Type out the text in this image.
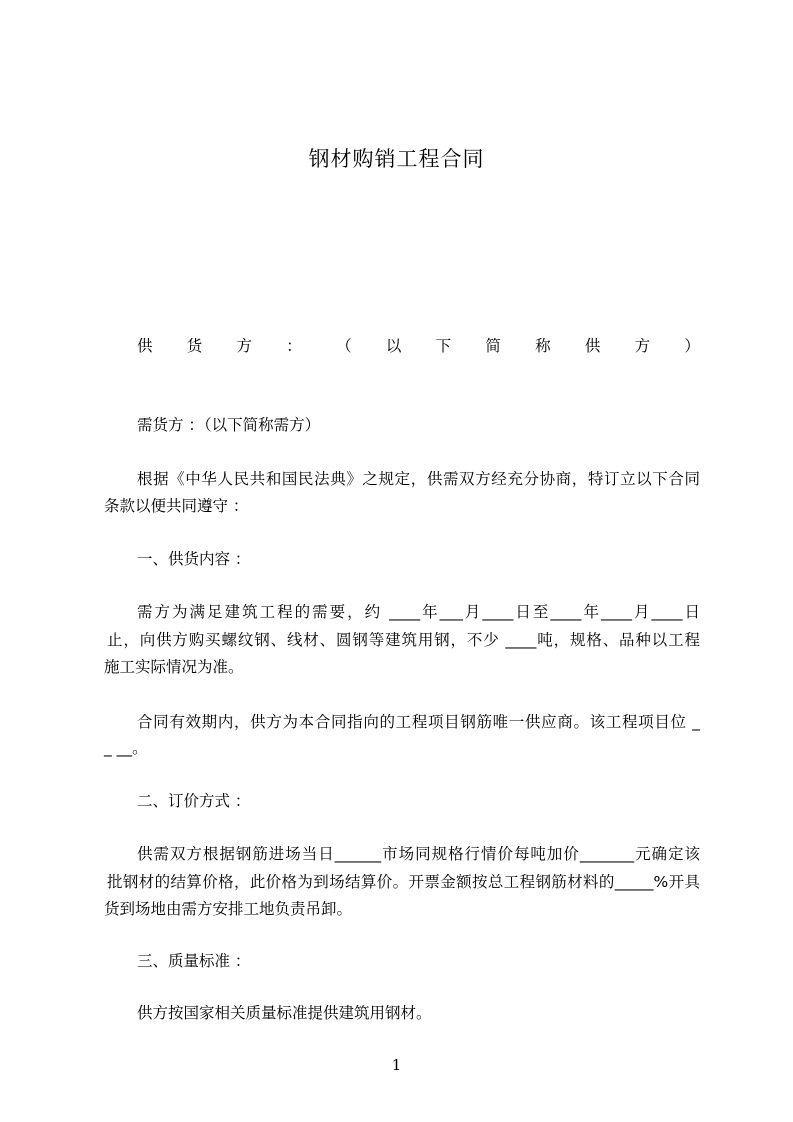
钢材购销工程合同
供 货 方 ： （ 以 下 简 称 供 方 ）
需货方 ：（以下简称需方）
根据《中华人民共和国民法典》之规定，供需双方经充分协商，特订立以下合同
条款以便共同遵守 ：
一、供货内容 ：
需方为满足建筑工程的需要，约 ____年___月____日至____年____月____日
止，向供方购买螺纹钢、线材、圆钢等建筑用钢，不少 ____吨，规格、品种以工程
施工实际情况为准。
合同有效期内，供方为本合同指向的工程项目钢筋唯一供应商。该工程项目位 _
_ __。
二、订价方式 ：
供需双方根据钢筋进场当日______市场同规格行情价每吨加价_______元确定该
批钢材的结算价格，此价格为到场结算价。开票金额按总工程钢筋材料的_____%开具
货到场地由需方安排工地负责吊卸。
三、质量标准 ：
供方按国家相关质量标准提供建筑用钢材。
1
